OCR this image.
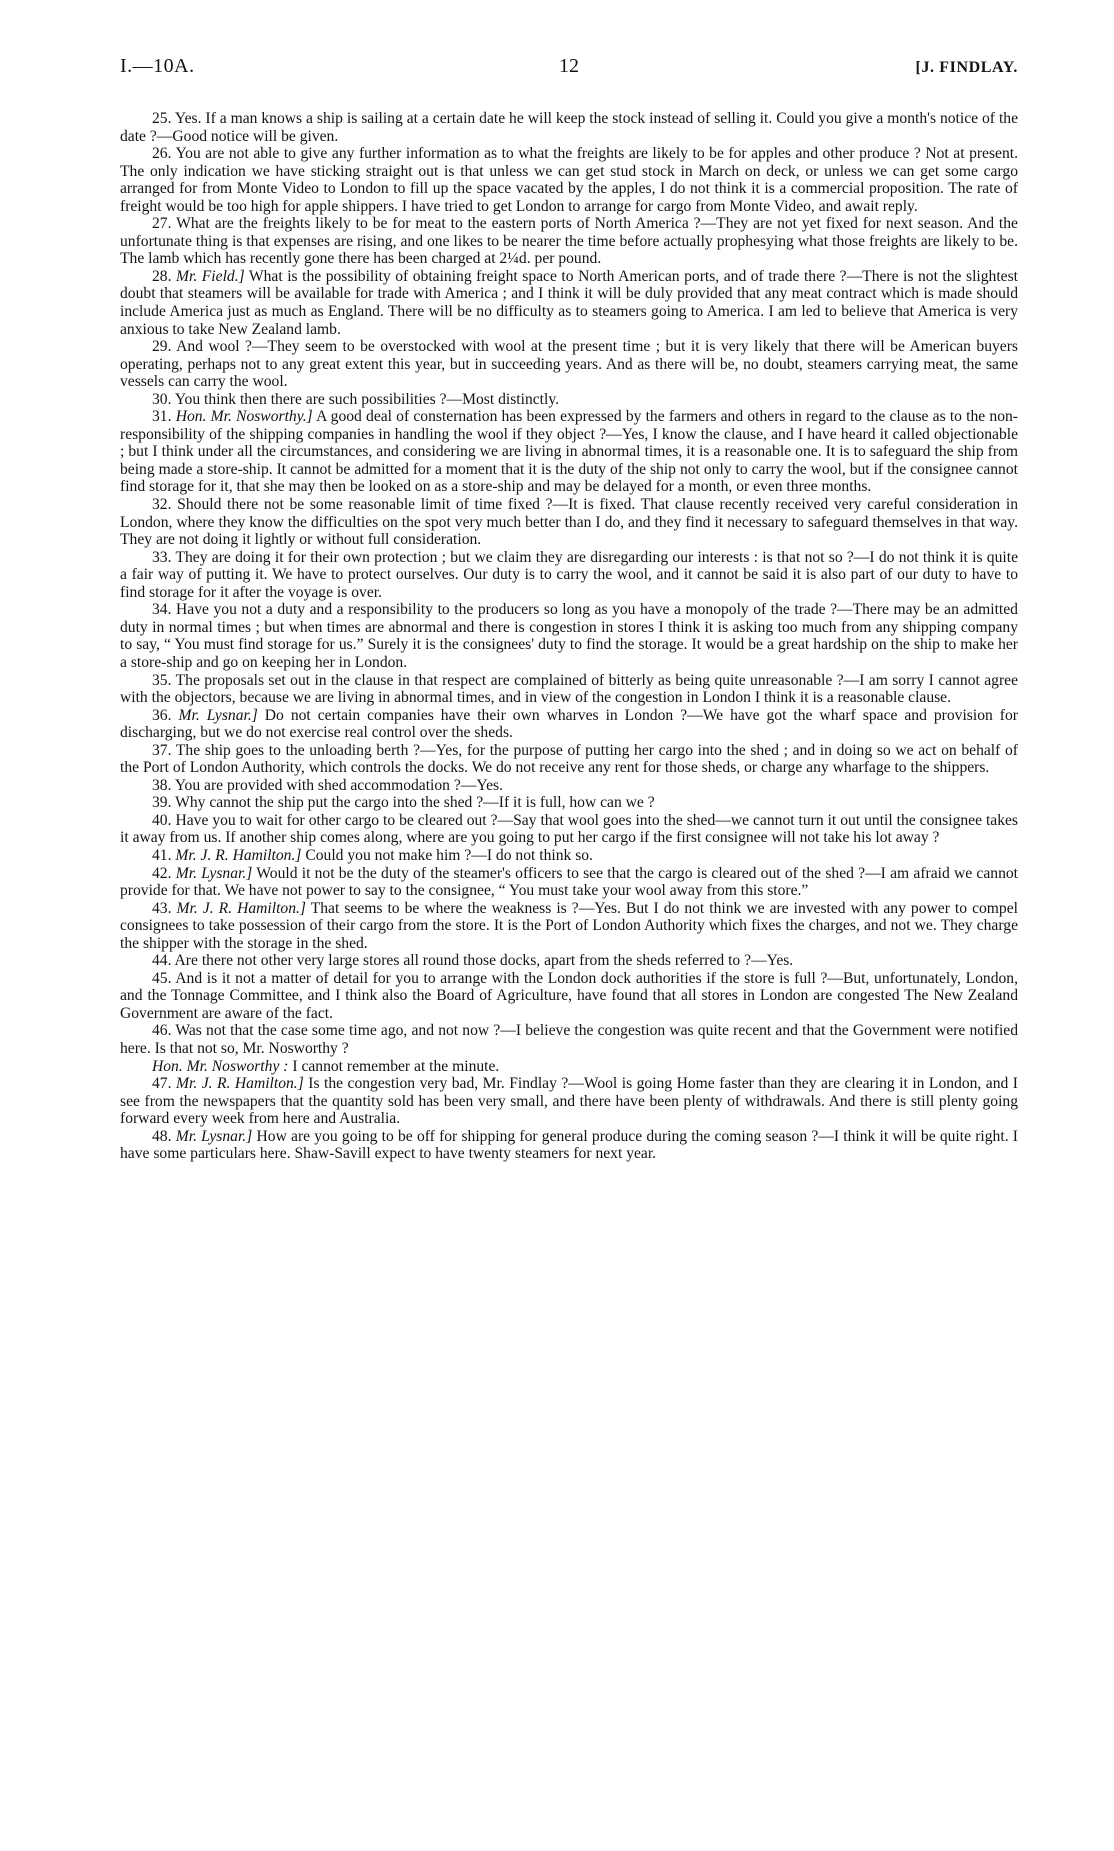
I.—10A.	12	[J. FINDLAY.

25. Yes. If a man knows a ship is sailing at a certain date he will keep the stock instead of selling it. Could you give a month's notice of the date ?—Good notice will be given.

26. You are not able to give any further information as to what the freights are likely to be for apples and other produce ? Not at present. The only indication we have sticking straight out is that unless we can get stud stock in March on deck, or unless we can get some cargo arranged for from Monte Video to London to fill up the space vacated by the apples, I do not think it is a commercial proposition. The rate of freight would be too high for apple shippers. I have tried to get London to arrange for cargo from Monte Video, and await reply.

27. What are the freights likely to be for meat to the eastern ports of North America ?—They are not yet fixed for next season. And the unfortunate thing is that expenses are rising, and one likes to be nearer the time before actually prophesying what those freights are likely to be. The lamb which has recently gone there has been charged at 2¼d. per pound.

28. Mr. Field.] What is the possibility of obtaining freight space to North American ports, and of trade there ?—There is not the slightest doubt that steamers will be available for trade with America ; and I think it will be duly provided that any meat contract which is made should include America just as much as England. There will be no difficulty as to steamers going to America. I am led to believe that America is very anxious to take New Zealand lamb.

29. And wool ?—They seem to be overstocked with wool at the present time ; but it is very likely that there will be American buyers operating, perhaps not to any great extent this year, but in succeeding years. And as there will be, no doubt, steamers carrying meat, the same vessels can carry the wool.

30. You think then there are such possibilities ?—Most distinctly.

31. Hon. Mr. Nosworthy.] A good deal of consternation has been expressed by the farmers and others in regard to the clause as to the non-responsibility of the shipping companies in handling the wool if they object ?—Yes, I know the clause, and I have heard it called objectionable ; but I think under all the circumstances, and considering we are living in abnormal times, it is a reasonable one. It is to safeguard the ship from being made a store-ship. It cannot be admitted for a moment that it is the duty of the ship not only to carry the wool, but if the consignee cannot find storage for it, that she may then be looked on as a store-ship and may be delayed for a month, or even three months.

32. Should there not be some reasonable limit of time fixed ?—It is fixed. That clause recently received very careful consideration in London, where they know the difficulties on the spot very much better than I do, and they find it necessary to safeguard themselves in that way. They are not doing it lightly or without full consideration.

33. They are doing it for their own protection ; but we claim they are disregarding our interests : is that not so ?—I do not think it is quite a fair way of putting it. We have to protect ourselves. Our duty is to carry the wool, and it cannot be said it is also part of our duty to have to find storage for it after the voyage is over.

34. Have you not a duty and a responsibility to the producers so long as you have a monopoly of the trade ?—There may be an admitted duty in normal times ; but when times are abnormal and there is congestion in stores I think it is asking too much from any shipping company to say, “ You must find storage for us.” Surely it is the consignees' duty to find the storage. It would be a great hardship on the ship to make her a store-ship and go on keeping her in London.

35. The proposals set out in the clause in that respect are complained of bitterly as being quite unreasonable ?—I am sorry I cannot agree with the objectors, because we are living in abnormal times, and in view of the congestion in London I think it is a reasonable clause.

36. Mr. Lysnar.] Do not certain companies have their own wharves in London ?—We have got the wharf space and provision for discharging, but we do not exercise real control over the sheds.

37. The ship goes to the unloading berth ?—Yes, for the purpose of putting her cargo into the shed ; and in doing so we act on behalf of the Port of London Authority, which controls the docks. We do not receive any rent for those sheds, or charge any wharfage to the shippers.

38. You are provided with shed accommodation ?—Yes.

39. Why cannot the ship put the cargo into the shed ?—If it is full, how can we ?

40. Have you to wait for other cargo to be cleared out ?—Say that wool goes into the shed—we cannot turn it out until the consignee takes it away from us. If another ship comes along, where are you going to put her cargo if the first consignee will not take his lot away ?

41. Mr. J. R. Hamilton.] Could you not make him ?—I do not think so.

42. Mr. Lysnar.] Would it not be the duty of the steamer's officers to see that the cargo is cleared out of the shed ?—I am afraid we cannot provide for that. We have not power to say to the consignee, “ You must take your wool away from this store.”

43. Mr. J. R. Hamilton.] That seems to be where the weakness is ?—Yes. But I do not think we are invested with any power to compel consignees to take possession of their cargo from the store. It is the Port of London Authority which fixes the charges, and not we. They charge the shipper with the storage in the shed.

44. Are there not other very large stores all round those docks, apart from the sheds referred to ?—Yes.

45. And is it not a matter of detail for you to arrange with the London dock authorities if the store is full ?—But, unfortunately, London, and the Tonnage Committee, and I think also the Board of Agriculture, have found that all stores in London are congested The New Zealand Government are aware of the fact.

46. Was not that the case some time ago, and not now ?—I believe the congestion was quite recent and that the Government were notified here. Is that not so, Mr. Nosworthy ?

Hon. Mr. Nosworthy : I cannot remember at the minute.

47. Mr. J. R. Hamilton.] Is the congestion very bad, Mr. Findlay ?—Wool is going Home faster than they are clearing it in London, and I see from the newspapers that the quantity sold has been very small, and there have been plenty of withdrawals. And there is still plenty going forward every week from here and Australia.

48. Mr. Lysnar.] How are you going to be off for shipping for general produce during the coming season ?—I think it will be quite right. I have some particulars here. Shaw-Savill expect to have twenty steamers for next year.
